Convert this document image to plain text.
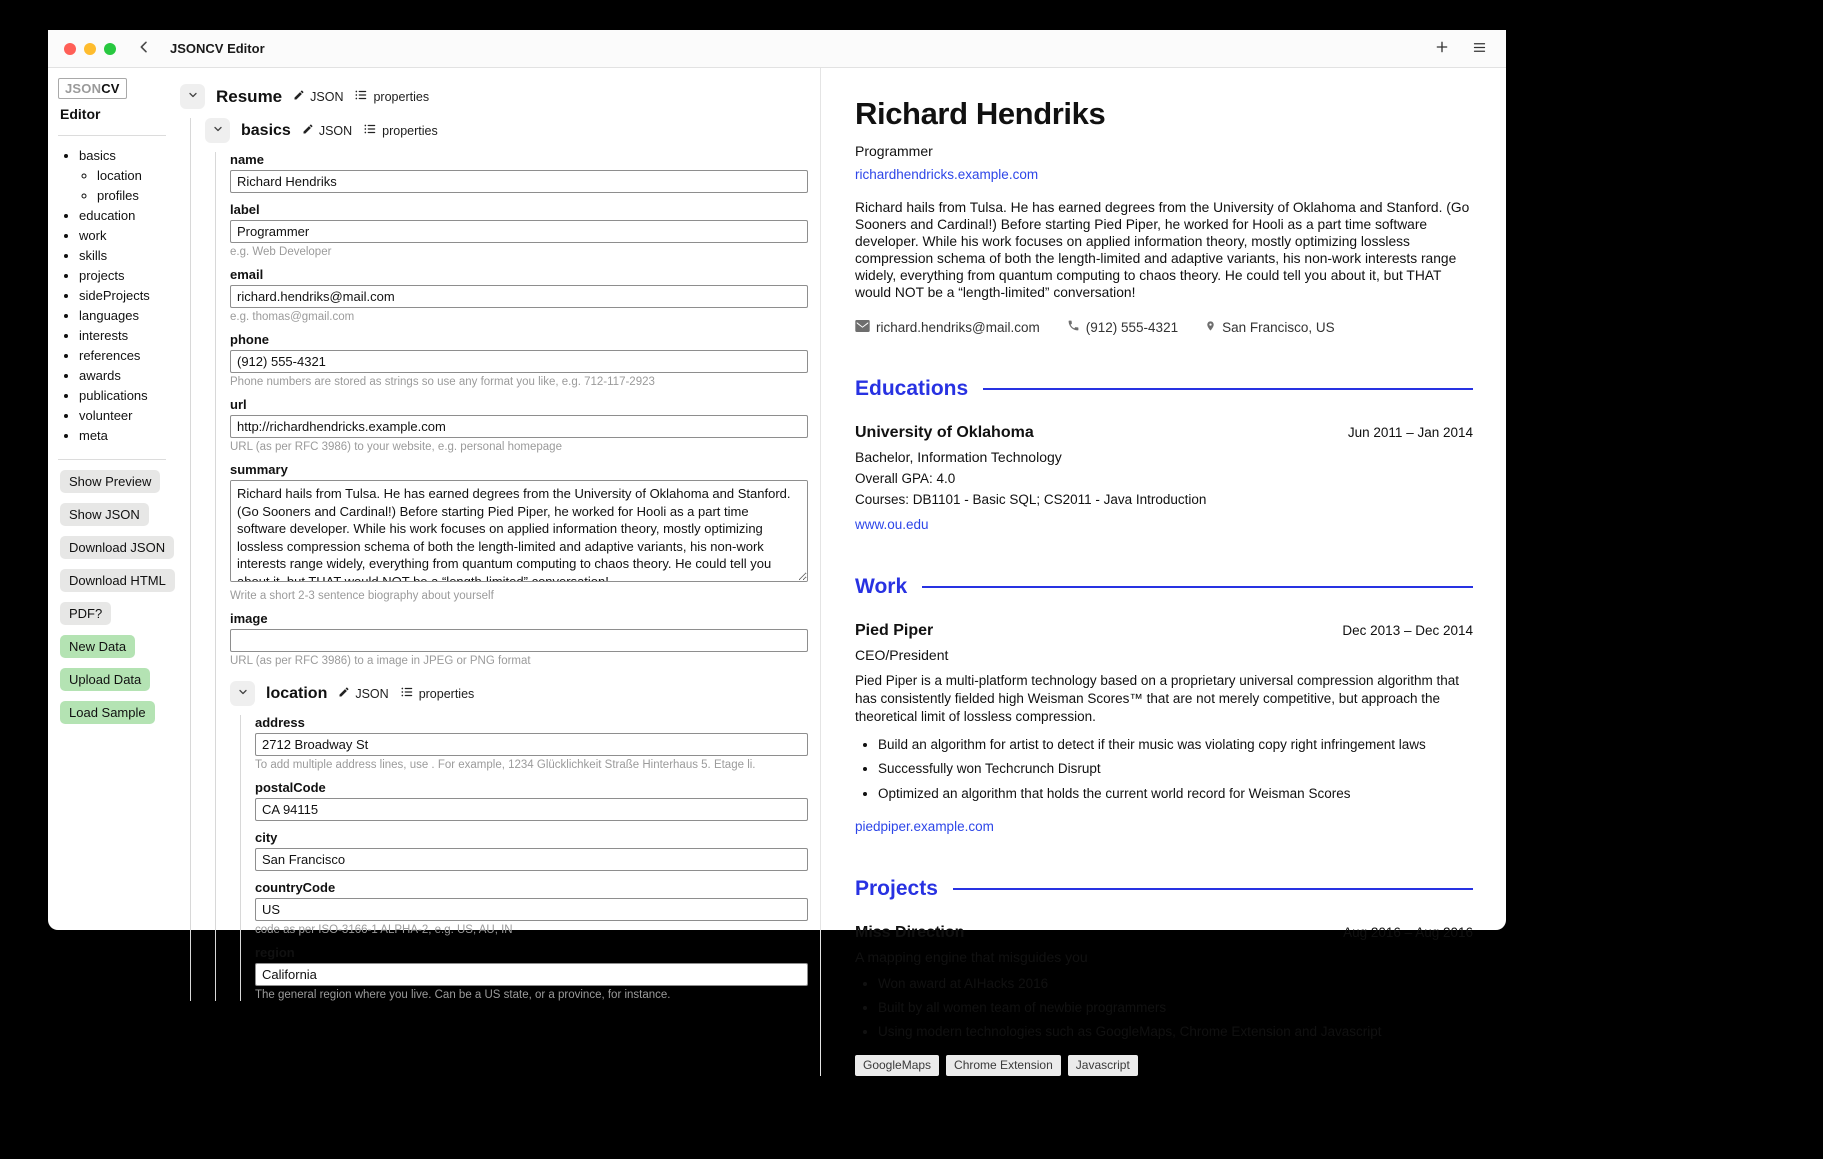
JSONCV Editor
JSONCV
Editor
• basics
◦ location
◦ profiles
• education
• work
• skills
• projects
• sideProjects
• languages
• interests
• references
• awards
• publications
• volunteer
• meta
Show Preview
Show JSON
Download JSON
Download HTML
PDF?
New Data
Upload Data
Load Sample
Resume JSON properties
basics JSON properties
name
Richard Hendriks
label
Programmer
e.g. Web Developer
email
richard.hendriks@mail.com
e.g. thomas@gmail.com
phone
(912) 555-4321
Phone numbers are stored as strings so use any format you like, e.g. 712-117-2923
url
http://richardhendricks.example.com
URL (as per RFC 3986) to your website, e.g. personal homepage
summary
Richard hails from Tulsa. He has earned degrees from the University of Oklahoma and Stanford. (Go Sooners and Cardinal!) Before starting Pied Piper, he worked for Hooli as a part time software developer. While his work focuses on applied information theory, mostly optimizing lossless compression schema of both the length-limited and adaptive variants, his non-work interests range widely, everything from quantum computing to chaos theory. He could tell you about it, but THAT would NOT be a “length-limited” conversation!
Write a short 2-3 sentence biography about yourself
image
URL (as per RFC 3986) to a image in JPEG or PNG format
location JSON properties
address
2712 Broadway St
To add multiple address lines, use . For example, 1234 Glücklichkeit Straße Hinterhaus 5. Etage li.
postalCode
CA 94115
city
San Francisco
countryCode
US
code as per ISO-3166-1 ALPHA-2, e.g. US, AU, IN
region
California
The general region where you live. Can be a US state, or a province, for instance.
Richard Hendriks
Programmer
richardhendricks.example.com

Richard hails from Tulsa. He has earned degrees from the University of Oklahoma and Stanford. (Go Sooners and Cardinal!) Before starting Pied Piper, he worked for Hooli as a part time software developer. While his work focuses on applied information theory, mostly optimizing lossless compression schema of both the length-limited and adaptive variants, his non-work interests range widely, everything from quantum computing to chaos theory. He could tell you about it, but THAT would NOT be a “length-limited” conversation!

richard.hendriks@mail.com	(912) 555-4321	San Francisco, US
Educations
University of Oklahoma	Jun 2011 – Jan 2014
Bachelor, Information Technology
Overall GPA: 4.0
Courses: DB1101 - Basic SQL; CS2011 - Java Introduction
www.ou.edu
Work
Pied Piper	Dec 2013 – Dec 2014
CEO/President
Pied Piper is a multi-platform technology based on a proprietary universal compression algorithm that has consistently fielded high Weisman Scores™ that are not merely competitive, but approach the theoretical limit of lossless compression.
• Build an algorithm for artist to detect if their music was violating copy right infringement laws
• Successfully won Techcrunch Disrupt
• Optimized an algorithm that holds the current world record for Weisman Scores
piedpiper.example.com
Projects
Miss Direction	Aug 2016 – Aug 2016
A mapping engine that misguides you
• Won award at AIHacks 2016
• Built by all women team of newbie programmers
• Using modern technologies such as GoogleMaps, Chrome Extension and Javascript
GoogleMaps	Chrome Extension	Javascript
